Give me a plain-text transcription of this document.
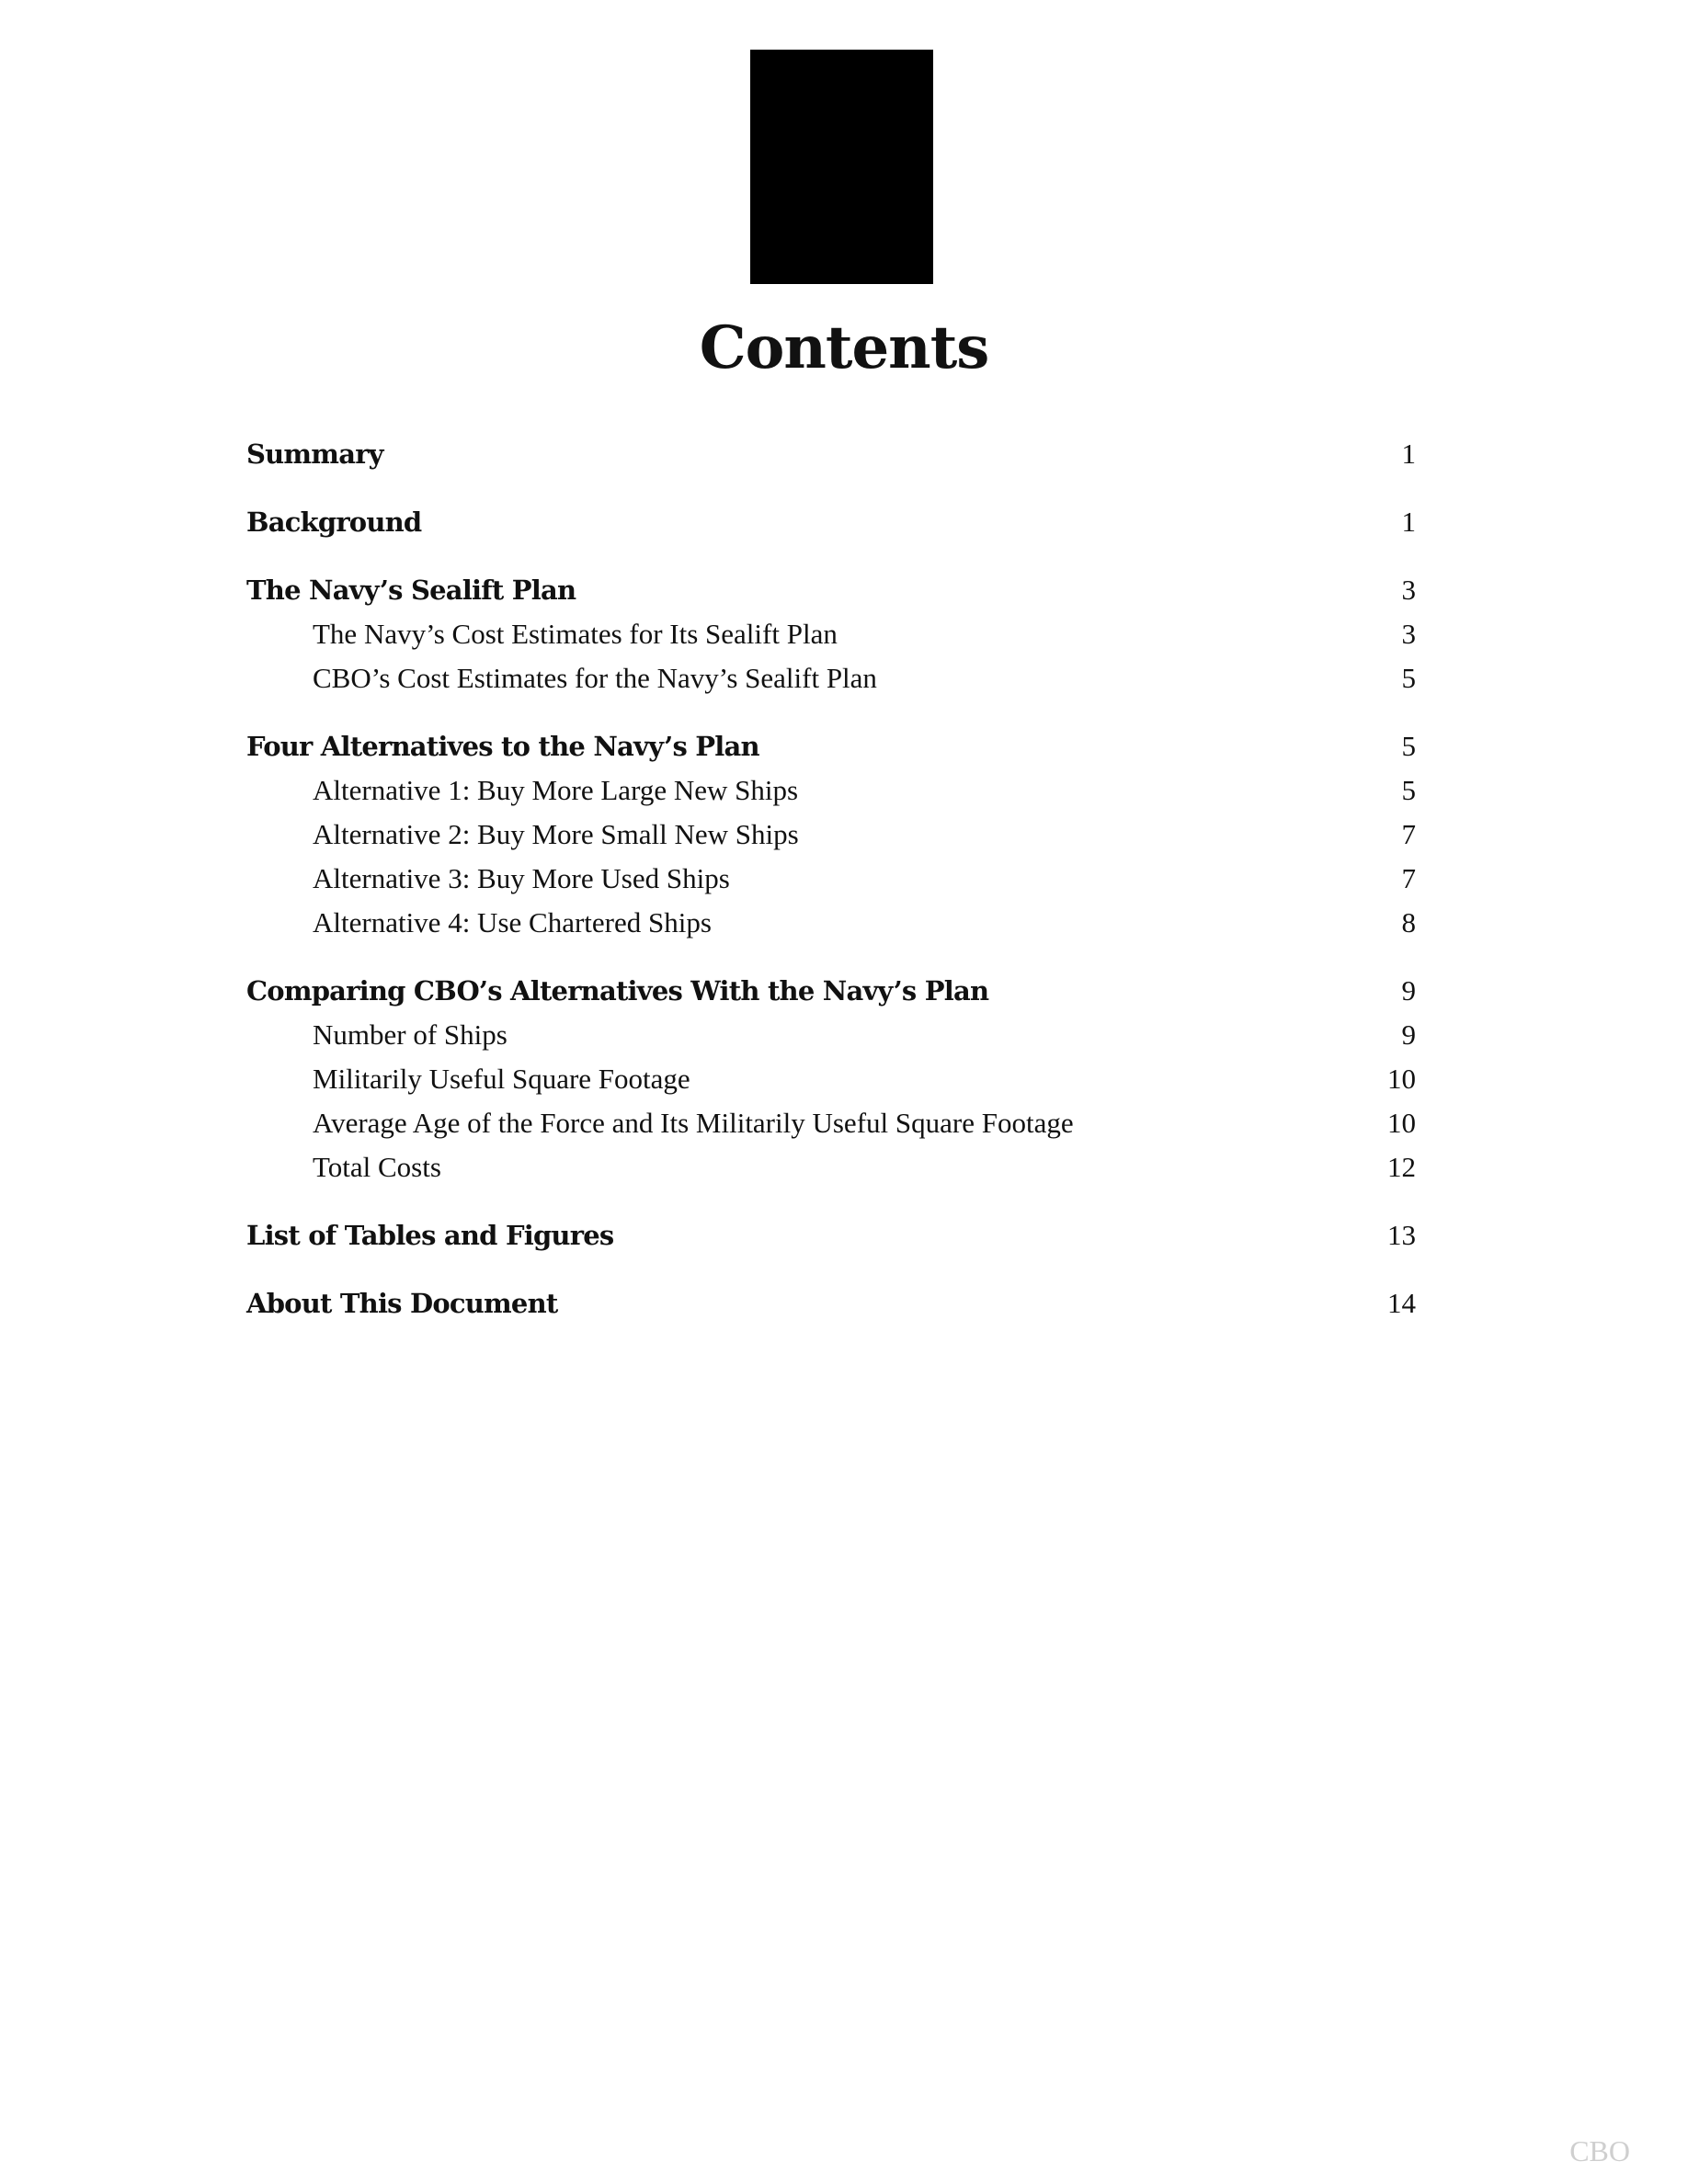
Contents
Summary	1
Background	1
The Navy’s Sealift Plan	3
The Navy’s Cost Estimates for Its Sealift Plan	3
CBO’s Cost Estimates for the Navy’s Sealift Plan	5
Four Alternatives to the Navy’s Plan	5
Alternative 1: Buy More Large New Ships	5
Alternative 2: Buy More Small New Ships	7
Alternative 3: Buy More Used Ships	7
Alternative 4: Use Chartered Ships	8
Comparing CBO’s Alternatives With the Navy’s Plan	9
Number of Ships	9
Militarily Useful Square Footage	10
Average Age of the Force and Its Militarily Useful Square Footage	10
Total Costs	12
List of Tables and Figures	13
About This Document	14
CBO
